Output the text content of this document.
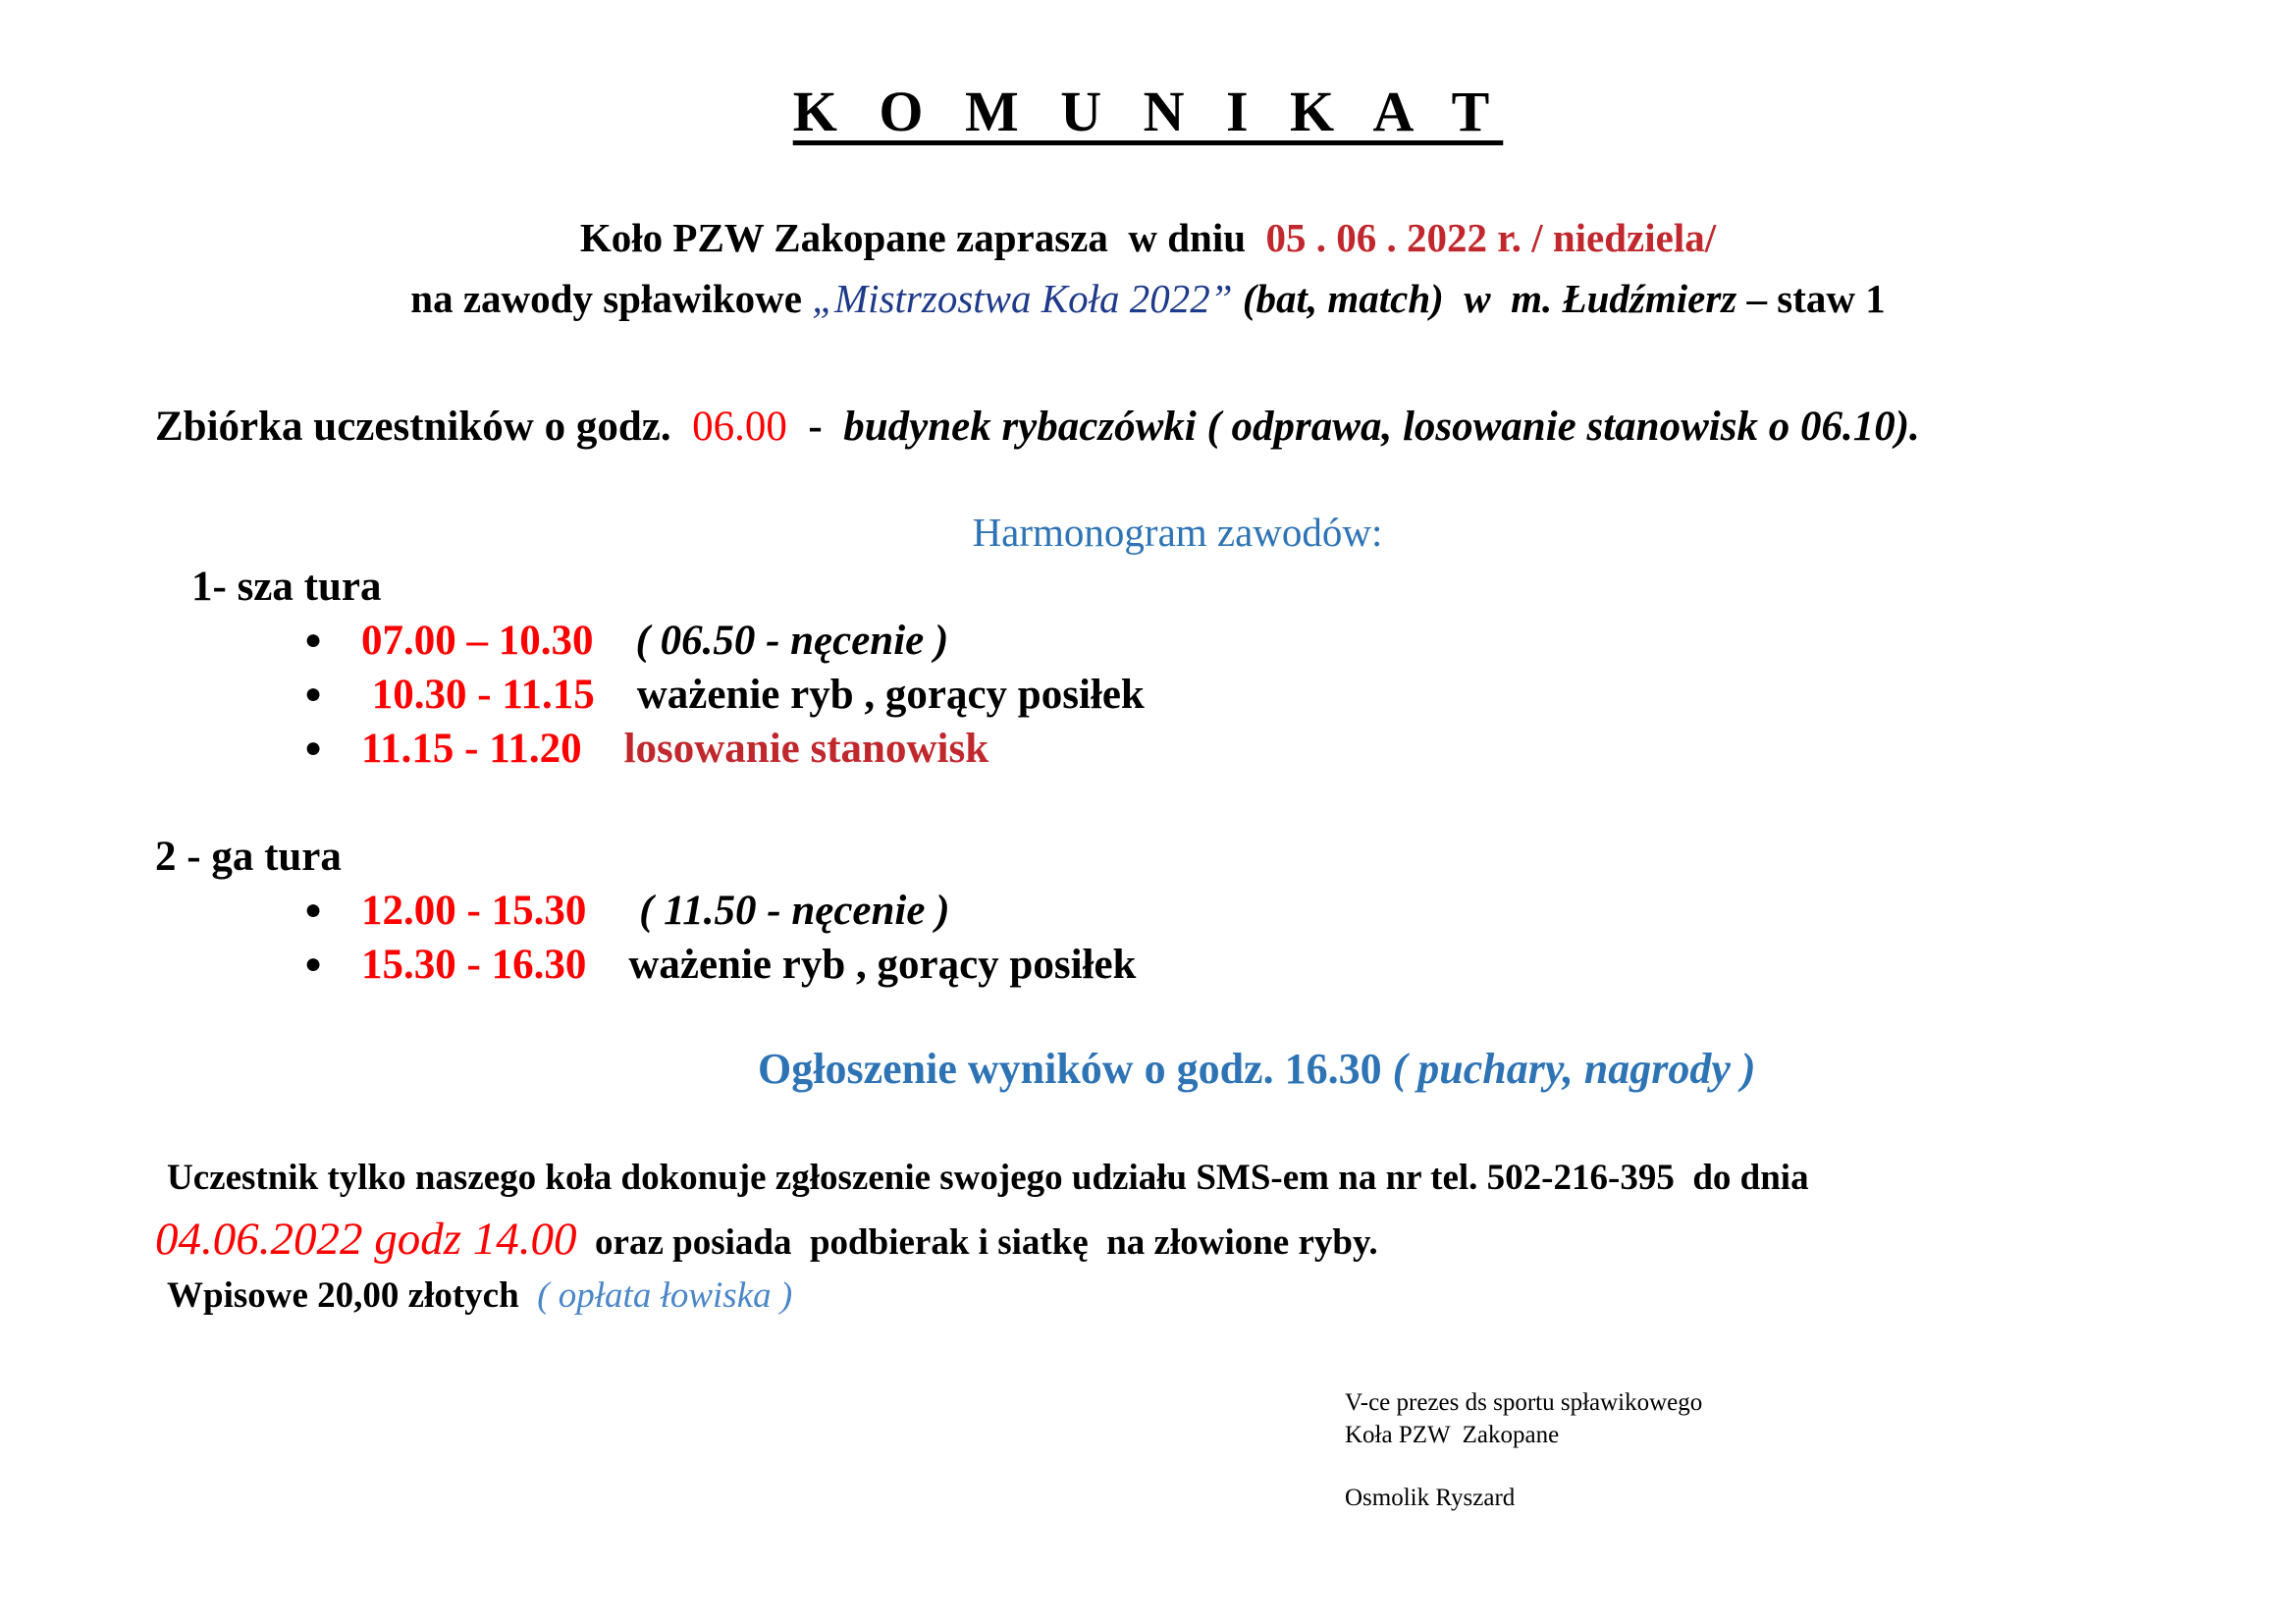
K O M U N I K A T
Koło PZW Zakopane zaprasza  w dniu  05 . 06 . 2022 r. / niedziela/
na zawody spławikowe „Mistrzostwa Koła 2022” (bat, match)  w  m. Łudźmierz – staw 1
Zbiórka uczestników o godz.  06.00  -  budynek rybaczówki ( odprawa, losowanie stanowisk o 06.10).
Harmonogram zawodów:
1- sza tura
● 07.00 – 10.30    ( 06.50 - nęcenie )
● 10.30 - 11.15    ważenie ryb , gorący posiłek
● 11.15 - 11.20    losowanie stanowisk
2 - ga tura
● 12.00 - 15.30     ( 11.50 - nęcenie )
● 15.30 - 16.30    ważenie ryb , gorący posiłek
Ogłoszenie wyników o godz. 16.30 ( puchary, nagrody )
Uczestnik tylko naszego koła dokonuje zgłoszenie swojego udziału SMS-em na nr tel. 502-216-395  do dnia
04.06.2022 godz 14.00  oraz posiada  podbierak i siatkę  na złowione ryby.
Wpisowe 20,00 złotych  ( opłata łowiska )
V-ce prezes ds sportu spławikowego
Koła PZW  Zakopane
Osmolik Ryszard
